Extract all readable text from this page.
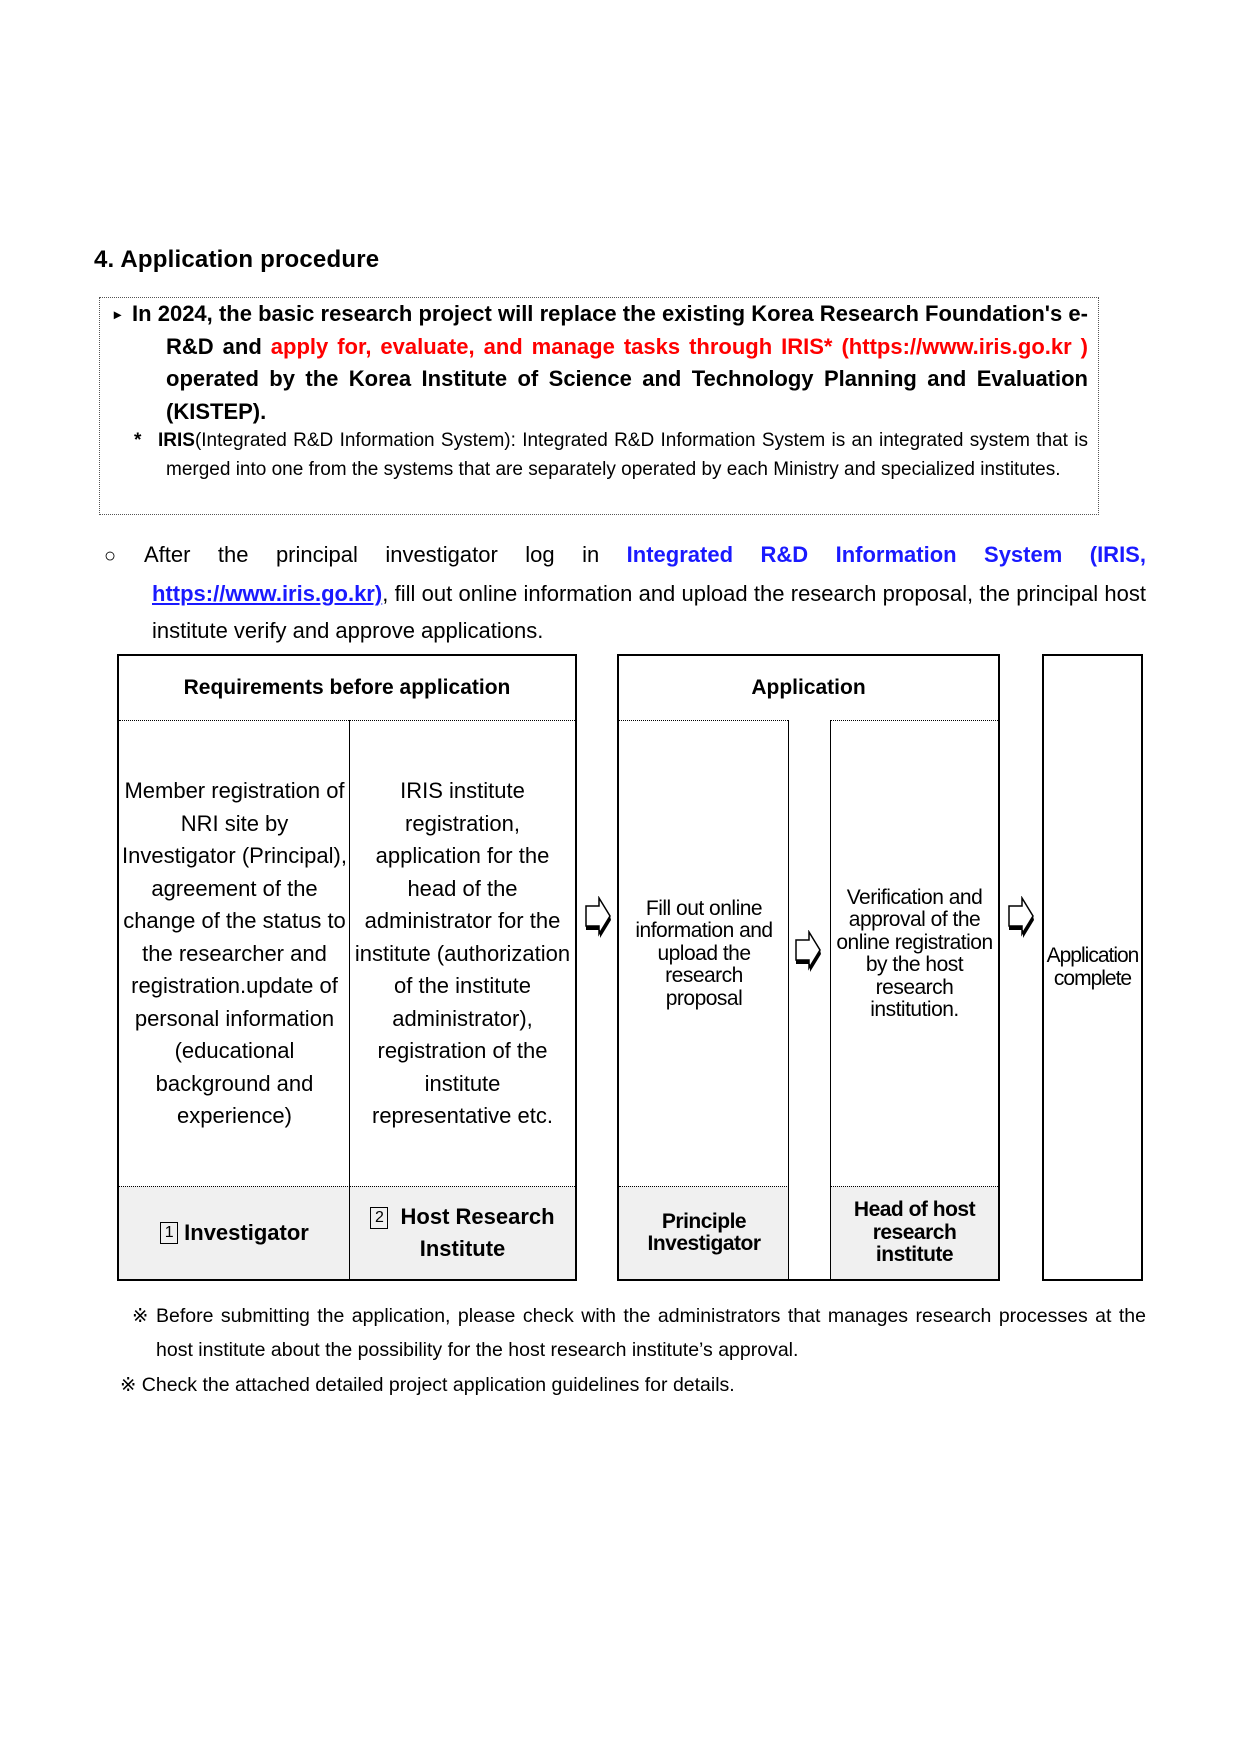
4. Application procedure
▸ In 2024, the basic research project will replace the existing Korea Research Foundation's e-R&D and apply for, evaluate, and manage tasks through IRIS* (https://www.iris.go.kr ) operated by the Korea Institute of Science and Technology Planning and Evaluation (KISTEP).
* IRIS(Integrated R&D Information System): Integrated R&D Information System is an integrated system that is merged into one from the systems that are separately operated by each Ministry and specialized institutes.
○ After the principal investigator log in Integrated R&D Information System (IRIS, https://www.iris.go.kr), fill out online information and upload the research proposal, the principal host institute verify and approve applications.
Requirements before application
Member registration of NRI site by Investigator (Principal), agreement of the change of the status to the researcher and registration.update of personal information (educational background and experience)
1 Investigator
IRIS institute registration, application for the head of the administrator for the institute (authorization of the institute administrator), registration of the institute representative etc.
2 Host Research Institute
Application
Fill out online information and upload the research proposal
Principle Investigator
Verification and approval of the online registration by the host research institution.
Head of host research institute
Application complete
※ Before submitting the application, please check with the administrators that manages research processes at the host institute about the possibility for the host research institute’s approval.
※ Check the attached detailed project application guidelines for details.
